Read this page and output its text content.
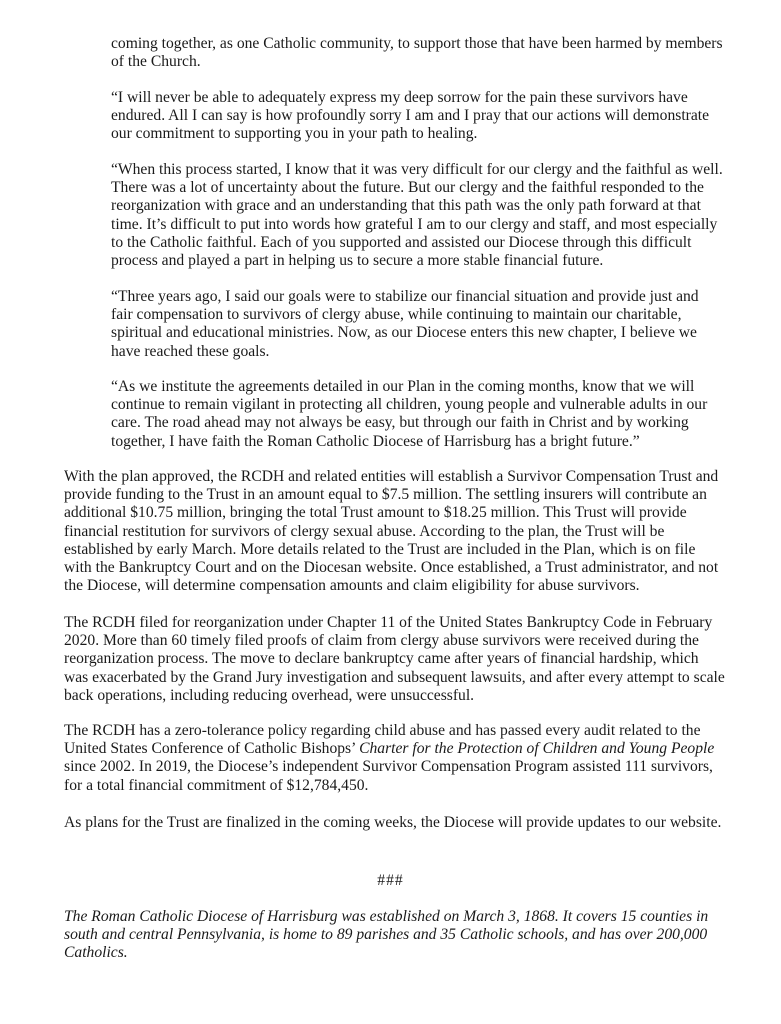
coming together, as one Catholic community, to support those that have been harmed by members of the Church.

“I will never be able to adequately express my deep sorrow for the pain these survivors have endured. All I can say is how profoundly sorry I am and I pray that our actions will demonstrate our commitment to supporting you in your path to healing.

“When this process started, I know that it was very difficult for our clergy and the faithful as well. There was a lot of uncertainty about the future. But our clergy and the faithful responded to the reorganization with grace and an understanding that this path was the only path forward at that time. It’s difficult to put into words how grateful I am to our clergy and staff, and most especially to the Catholic faithful. Each of you supported and assisted our Diocese through this difficult process and played a part in helping us to secure a more stable financial future.

“Three years ago, I said our goals were to stabilize our financial situation and provide just and fair compensation to survivors of clergy abuse, while continuing to maintain our charitable, spiritual and educational ministries. Now, as our Diocese enters this new chapter, I believe we have reached these goals.

“As we institute the agreements detailed in our Plan in the coming months, know that we will continue to remain vigilant in protecting all children, young people and vulnerable adults in our care. The road ahead may not always be easy, but through our faith in Christ and by working together, I have faith the Roman Catholic Diocese of Harrisburg has a bright future.”

With the plan approved, the RCDH and related entities will establish a Survivor Compensation Trust and provide funding to the Trust in an amount equal to $7.5 million. The settling insurers will contribute an additional $10.75 million, bringing the total Trust amount to $18.25 million. This Trust will provide financial restitution for survivors of clergy sexual abuse. According to the plan, the Trust will be established by early March. More details related to the Trust are included in the Plan, which is on file with the Bankruptcy Court and on the Diocesan website. Once established, a Trust administrator, and not the Diocese, will determine compensation amounts and claim eligibility for abuse survivors.

The RCDH filed for reorganization under Chapter 11 of the United States Bankruptcy Code in February 2020. More than 60 timely filed proofs of claim from clergy abuse survivors were received during the reorganization process. The move to declare bankruptcy came after years of financial hardship, which was exacerbated by the Grand Jury investigation and subsequent lawsuits, and after every attempt to scale back operations, including reducing overhead, were unsuccessful.

The RCDH has a zero-tolerance policy regarding child abuse and has passed every audit related to the United States Conference of Catholic Bishops’ Charter for the Protection of Children and Young People since 2002. In 2019, the Diocese’s independent Survivor Compensation Program assisted 111 survivors, for a total financial commitment of $12,784,450.

As plans for the Trust are finalized in the coming weeks, the Diocese will provide updates to our website.

###

The Roman Catholic Diocese of Harrisburg was established on March 3, 1868. It covers 15 counties in south and central Pennsylvania, is home to 89 parishes and 35 Catholic schools, and has over 200,000 Catholics.
